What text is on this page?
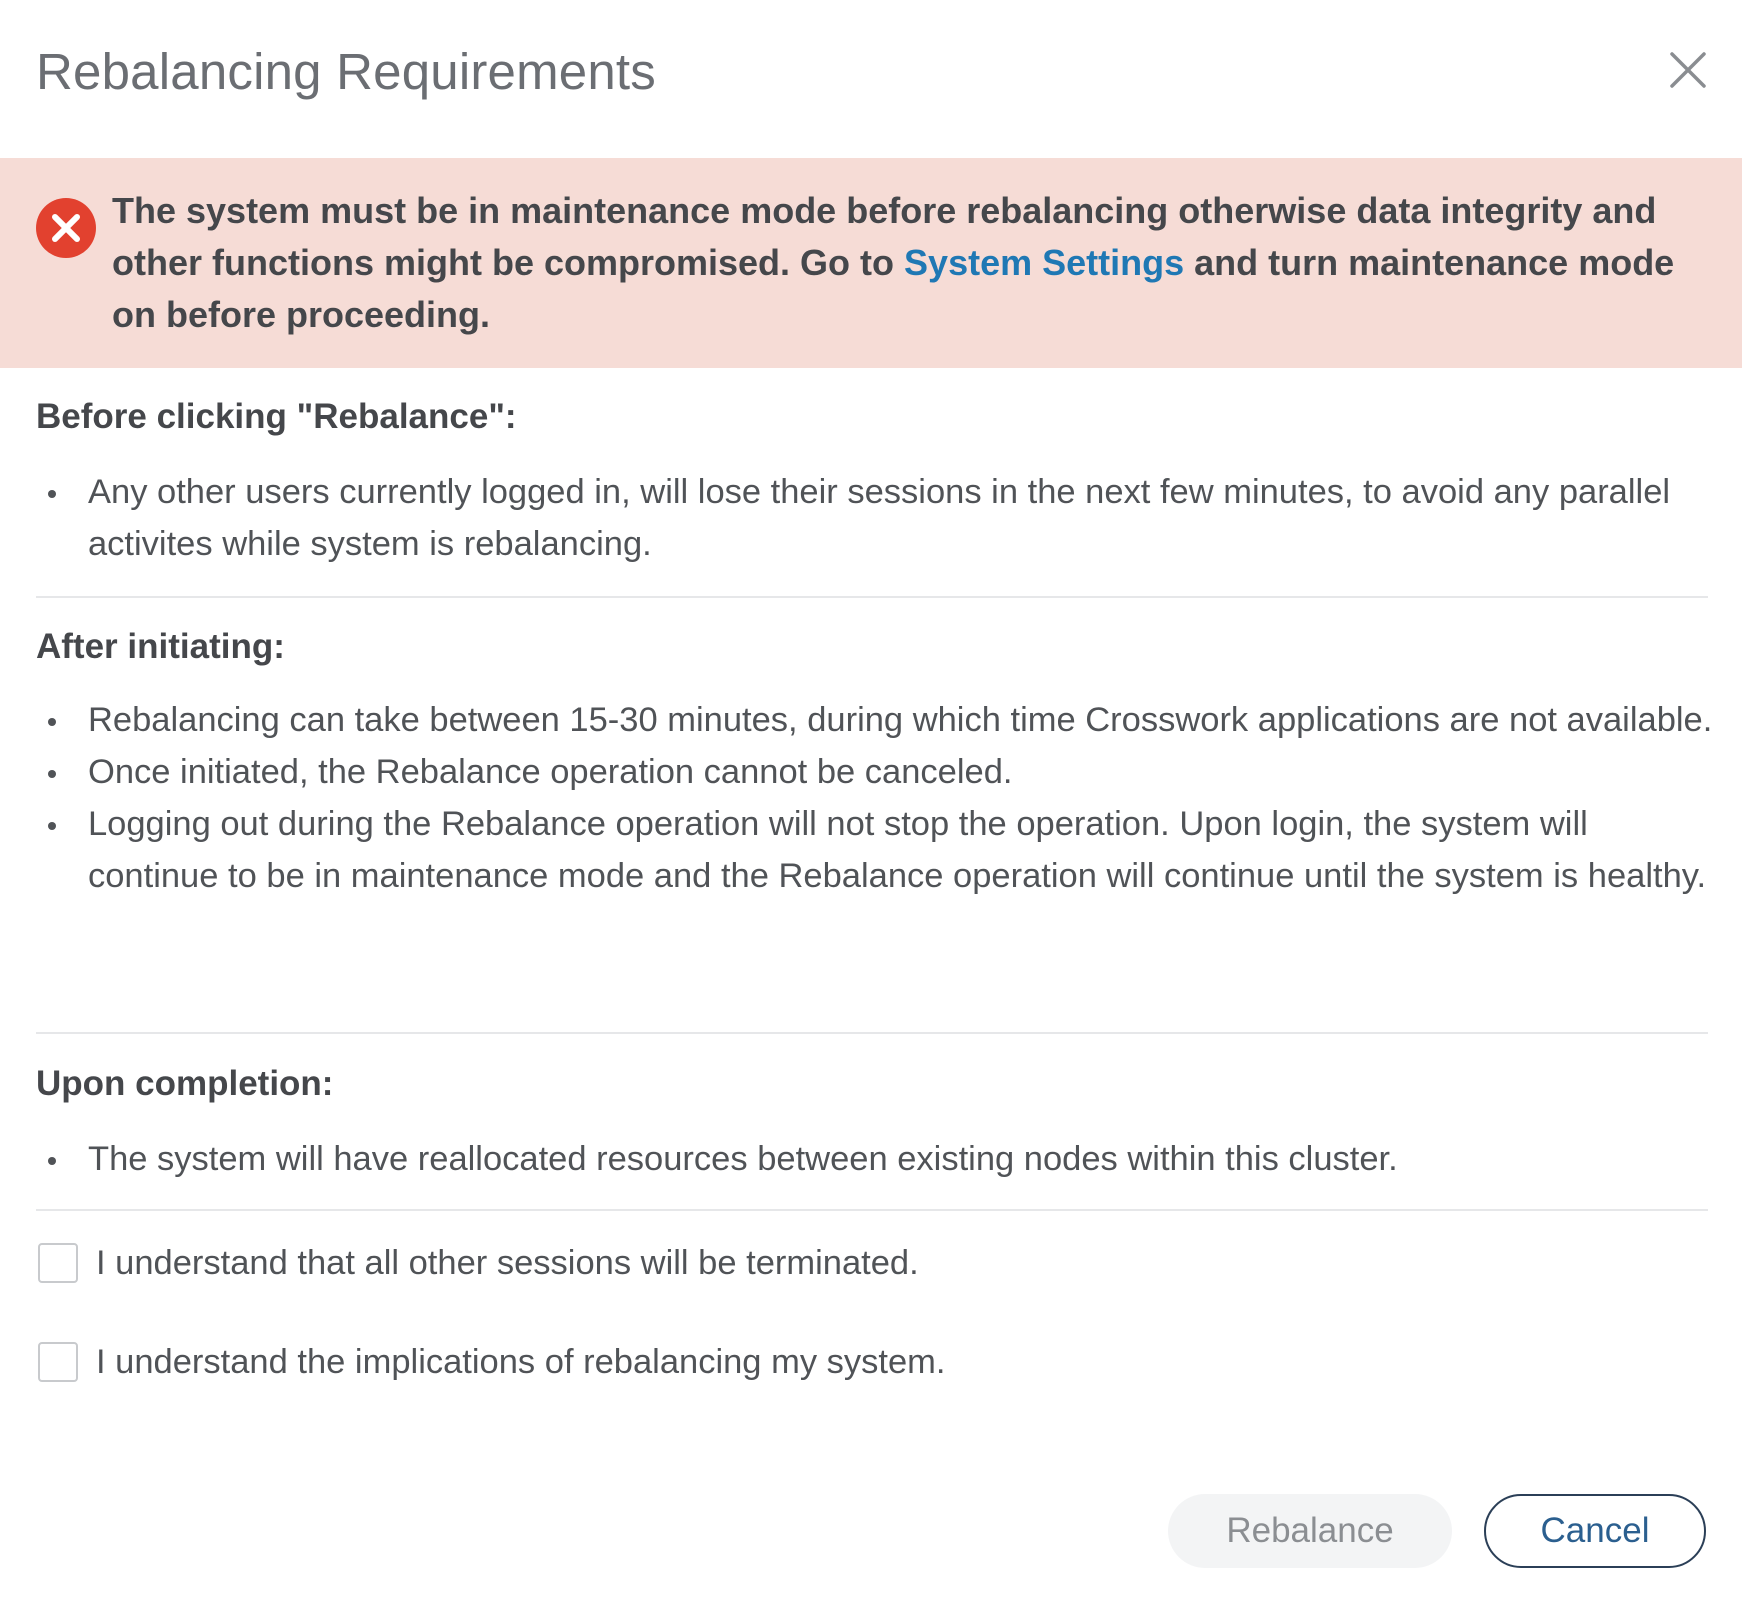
Rebalancing Requirements
The system must be in maintenance mode before rebalancing otherwise data integrity and other functions might be compromised. Go to System Settings and turn maintenance mode on before proceeding.
Before clicking "Rebalance":
Any other users currently logged in, will lose their sessions in the next few minutes, to avoid any parallel activites while system is rebalancing.
After initiating:
Rebalancing can take between 15-30 minutes, during which time Crosswork applications are not available.
Once initiated, the Rebalance operation cannot be canceled.
Logging out during the Rebalance operation will not stop the operation. Upon login, the system will continue to be in maintenance mode and the Rebalance operation will continue until the system is healthy.
Upon completion:
The system will have reallocated resources between existing nodes within this cluster.
I understand that all other sessions will be terminated.
I understand the implications of rebalancing my system.
Rebalance	Cancel
